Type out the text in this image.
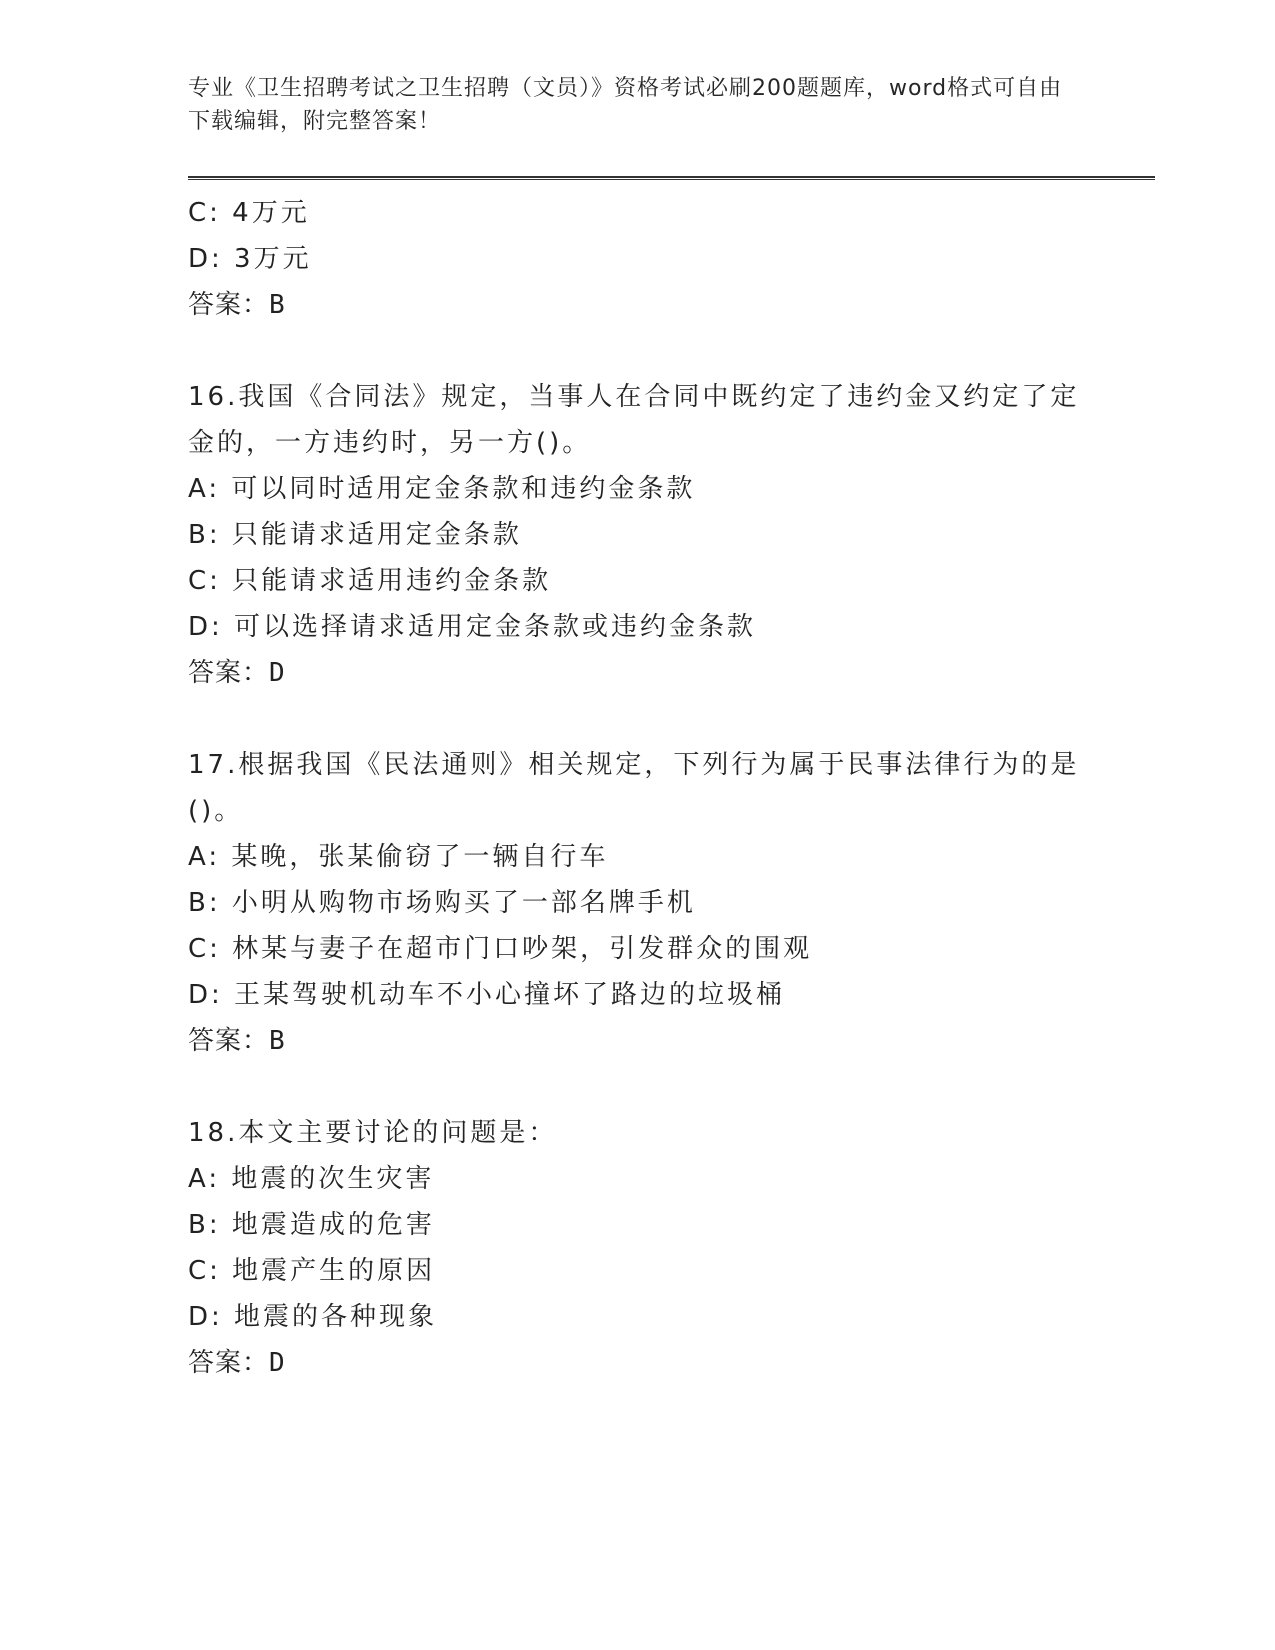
专业《卫生招聘考试之卫生招聘（文员）》资格考试必刷200题题库，word格式可自由下载编辑，附完整答案！
C: 4万元
D: 3万元
答案：B
16.我国《合同法》规定，当事人在合同中既约定了违约金又约定了定金的，一方违约时，另一方()。
A: 可以同时适用定金条款和违约金条款
B: 只能请求适用定金条款
C: 只能请求适用违约金条款
D: 可以选择请求适用定金条款或违约金条款
答案：D
17.根据我国《民法通则》相关规定，下列行为属于民事法律行为的是()。
A: 某晚，张某偷窃了一辆自行车
B: 小明从购物市场购买了一部名牌手机
C: 林某与妻子在超市门口吵架，引发群众的围观
D: 王某驾驶机动车不小心撞坏了路边的垃圾桶
答案：B
18.本文主要讨论的问题是：
A: 地震的次生灾害
B: 地震造成的危害
C: 地震产生的原因
D: 地震的各种现象
答案：D
